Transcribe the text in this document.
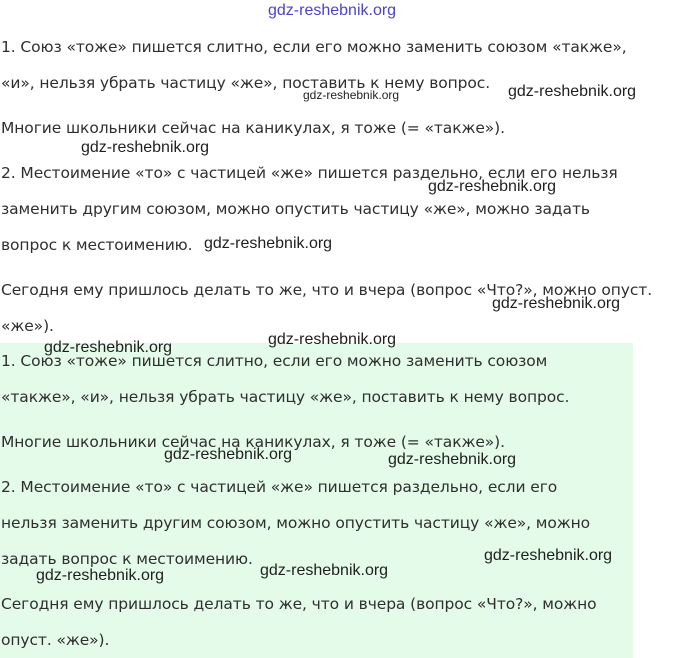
1. Союз «тоже» пишется слитно, если его можно заменить союзом «также»,
«и», нельзя убрать частицу «же», поставить к нему вопрос.
Многие школьники сейчас на каникулах, я тоже (= «также»).
2. Местоимение «то» с частицей «же» пишется раздельно, если его нельзя
заменить другим союзом, можно опустить частицу «же», можно задать
вопрос к местоимению.
Сегодня ему пришлось делать то же, что и вчера (вопрос «Что?», можно опуст.
«же»).
1. Союз «тоже» пишется слитно, если его можно заменить союзом
«также», «и», нельзя убрать частицу «же», поставить к нему вопрос.
Многие школьники сейчас на каникулах, я тоже (= «также»).
2. Местоимение «то» с частицей «же» пишется раздельно, если его
нельзя заменить другим союзом, можно опустить частицу «же», можно
задать вопрос к местоимению.
Сегодня ему пришлось делать то же, что и вчера (вопрос «Что?», можно
опуст. «же»).
gdz-reshebnik.org
gdz-reshebnik.org	gdz-reshebnik.org
gdz-reshebnik.org
gdz-reshebnik.org
gdz-reshebnik.org
gdz-reshebnik.org
gdz-reshebnik.org
gdz-reshebnik.org
gdz-reshebnik.org	gdz-reshebnik.org
gdz-reshebnik.org
gdz-reshebnik.org	gdz-reshebnik.org
